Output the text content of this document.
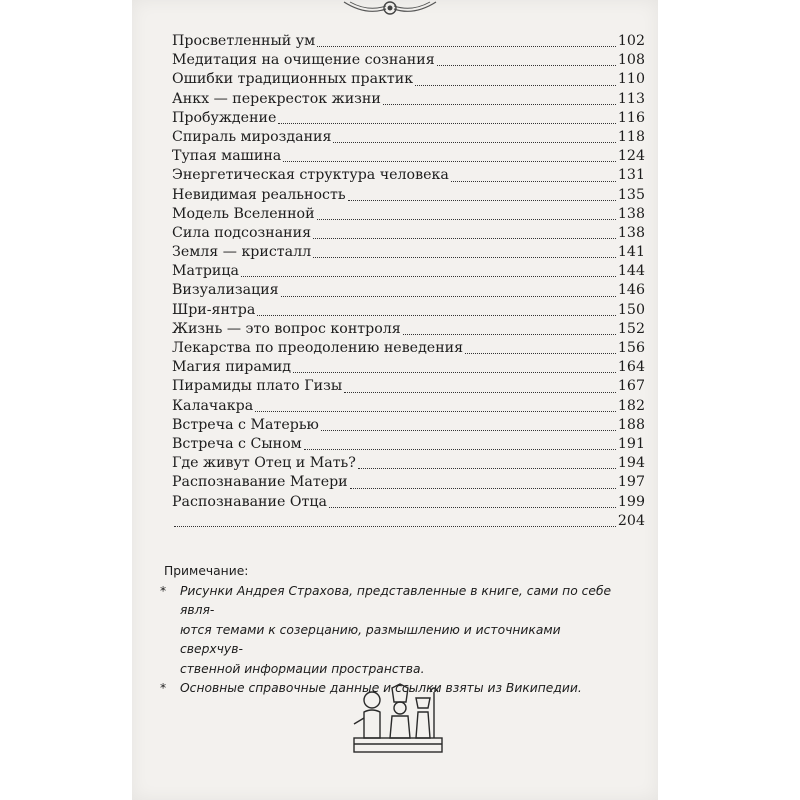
Просветленный ум	102
Медитация на очищение сознания	108
Ошибки традиционных практик	110
Анкх — перекресток жизни	113
Пробуждение	116
Спираль мироздания	118
Тупая машина	124
Энергетическая структура человека	131
Невидимая реальность	135
Модель Вселенной	138
Сила подсознания	138
Земля — кристалл	141
Матрица	144
Визуализация	146
Шри-янтра	150
Жизнь — это вопрос контроля	152
Лекарства по преодолению неведения	156
Магия пирамид	164
Пирамиды плато Гизы	167
Калачакра	182
Встреча с Матерью	188
Встреча с Сыном	191
Где живут Отец и Мать?	194
Распознавание Матери	197
Распознавание Отца	199
204
Примечание:
* Рисунки Андрея Страхова, представленные в книге, сами по себе явля-
ются темами к созерцанию, размышлению и источниками сверхчув-
ственной информации пространства.
* Основные справочные данные и ссылки взяты из Википедии.
